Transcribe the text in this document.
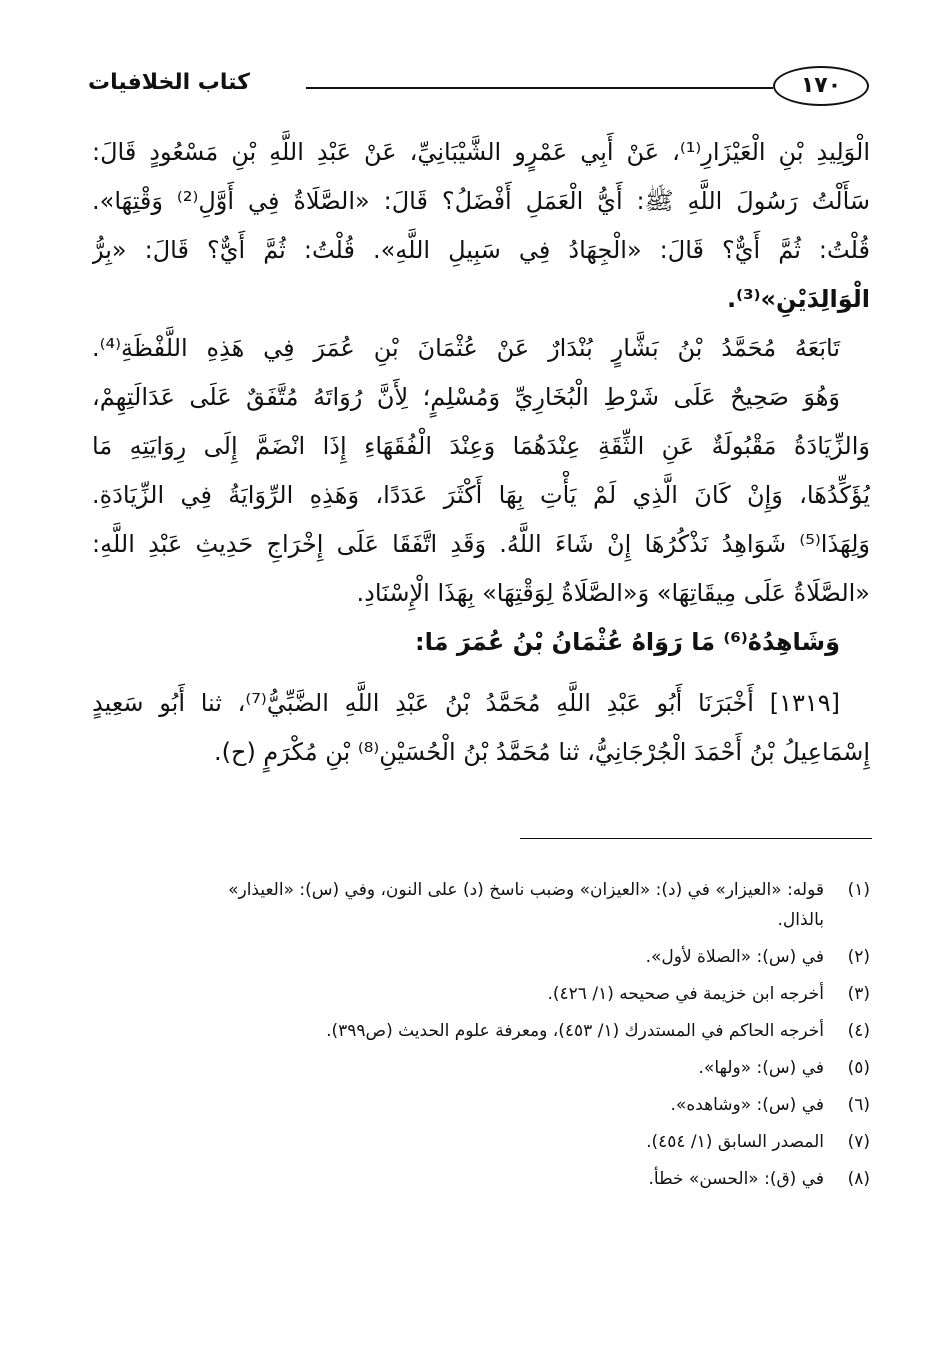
كتاب الخلافيات	١٧٠
الْوَلِيدِ بْنِ الْعَيْزَارِ⁽¹⁾، عَنْ أَبِي عَمْرٍو الشَّيْبَانِيِّ، عَنْ عَبْدِ اللَّهِ بْنِ مَسْعُودٍ قَالَ:
سَأَلْتُ رَسُولَ اللَّهِ ﷺ: أَيُّ الْعَمَلِ أَفْضَلُ؟ قَالَ: «الصَّلَاةُ فِي أَوَّلِ⁽²⁾ وَقْتِهَا».
قُلْتُ: ثُمَّ أَيٌّ؟ قَالَ: «الْجِهَادُ فِي سَبِيلِ اللَّهِ». قُلْتُ: ثُمَّ أَيٌّ؟ قَالَ: «بِرُّ
الْوَالِدَيْنِ»⁽³⁾.
تَابَعَهُ مُحَمَّدُ بْنُ بَشَّارٍ بُنْدَارٌ عَنْ عُثْمَانَ بْنِ عُمَرَ فِي هَذِهِ اللَّفْظَةِ⁽⁴⁾.
وَهُوَ صَحِيحٌ عَلَى شَرْطِ الْبُخَارِيِّ وَمُسْلِمٍ؛ لِأَنَّ رُوَاتَهُ مُتَّفَقٌ عَلَى عَدَالَتِهِمْ،
وَالزِّيَادَةُ مَقْبُولَةٌ عَنِ الثِّقَةِ عِنْدَهُمَا وَعِنْدَ الْفُقَهَاءِ إِذَا انْضَمَّ إِلَى رِوَايَتِهِ مَا
يُؤَكِّدُهَا، وَإِنْ كَانَ الَّذِي لَمْ يَأْتِ بِهَا أَكْثَرَ عَدَدًا، وَهَذِهِ الرِّوَايَةُ فِي الزِّيَادَةِ.
وَلِهَذَا⁽⁵⁾ شَوَاهِدُ نَذْكُرُهَا إِنْ شَاءَ اللَّهُ. وَقَدِ اتَّفَقَا عَلَى إِخْرَاجِ حَدِيثِ عَبْدِ اللَّهِ:
«الصَّلَاةُ عَلَى مِيقَاتِهَا» وَ«الصَّلَاةُ لِوَقْتِهَا» بِهَذَا الْإِسْنَادِ.
وَشَاهِدُهُ⁽⁶⁾ مَا رَوَاهُ عُثْمَانُ بْنُ عُمَرَ مَا:
[١٣١٩] أَخْبَرَنَا أَبُو عَبْدِ اللَّهِ مُحَمَّدُ بْنُ عَبْدِ اللَّهِ الضَّبِّيُّ⁽⁷⁾، ثنا أَبُو سَعِيدٍ
إِسْمَاعِيلُ بْنُ أَحْمَدَ الْجُرْجَانِيُّ، ثنا مُحَمَّدُ بْنُ الْحُسَيْنِ⁽⁸⁾ بْنِ مُكْرَمٍ (ح).
(١)
قوله: «العيزار» في (د): «العيزان» وضبب ناسخ (د) على النون، وفي (س): «العيذار»
بالذال.
(٢)
في (س): «الصلاة لأول».
(٣)
أخرجه ابن خزيمة في صحيحه (١/ ٤٢٦).
(٤)
أخرجه الحاكم في المستدرك (١/ ٤٥٣)، ومعرفة علوم الحديث (ص٣٩٩).
(٥)
في (س): «ولها».
(٦)
في (س): «وشاهده».
(٧)
المصدر السابق (١/ ٤٥٤).
(٨)
في (ق): «الحسن» خطأ.
